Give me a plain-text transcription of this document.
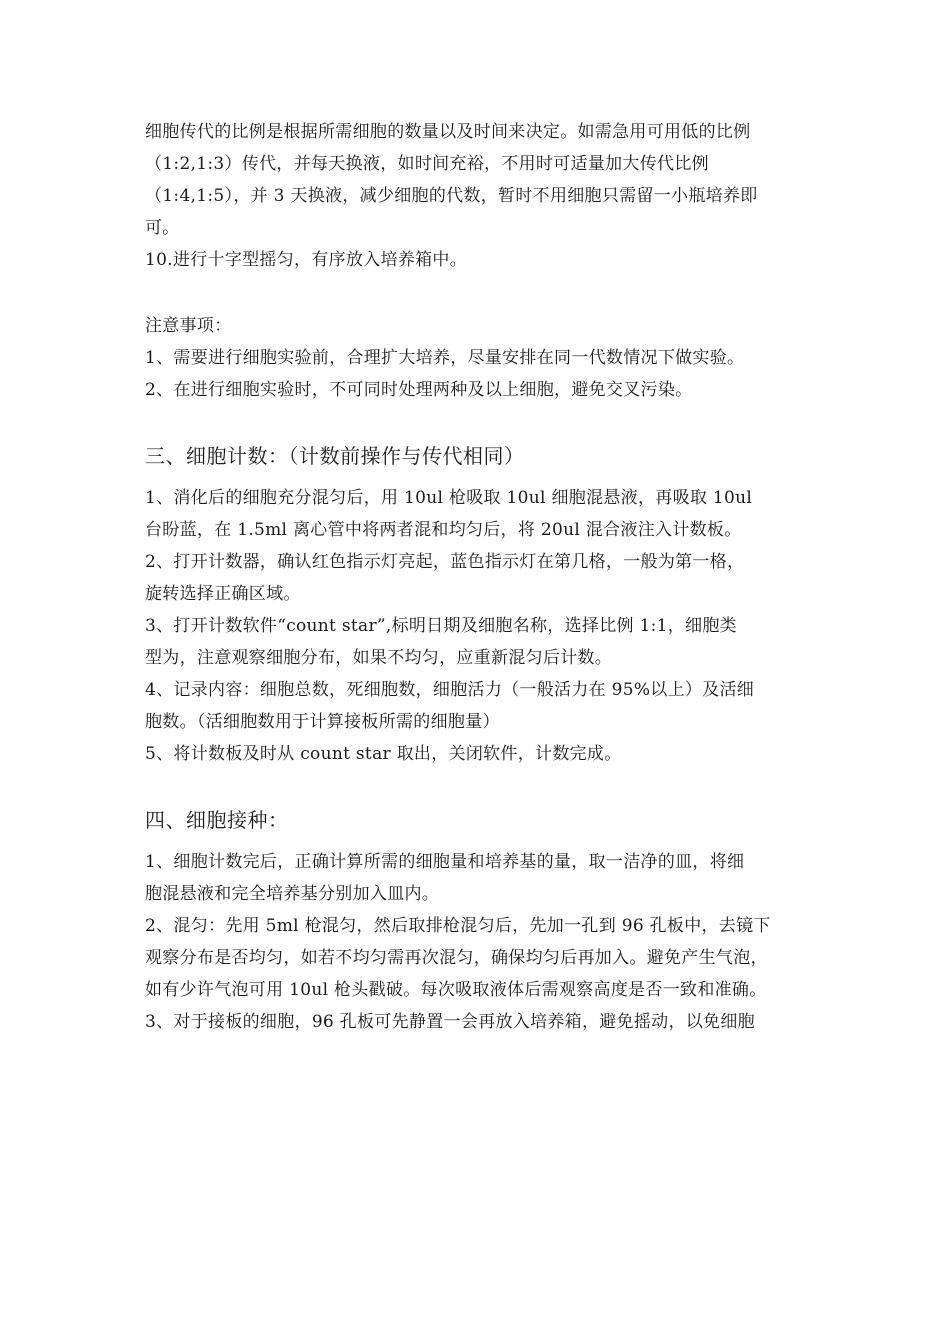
细胞传代的比例是根据所需细胞的数量以及时间来决定。如需急用可用低的比例
（1:2,1:3）传代，并每天换液，如时间充裕，不用时可适量加大传代比例
（1:4,1:5），并 3 天换液，减少细胞的代数，暂时不用细胞只需留一小瓶培养即
可。
10.进行十字型摇匀，有序放入培养箱中。
注意事项：
1、需要进行细胞实验前，合理扩大培养，尽量安排在同一代数情况下做实验。
2、在进行细胞实验时，不可同时处理两种及以上细胞，避免交叉污染。
三、细胞计数：（计数前操作与传代相同）
1、消化后的细胞充分混匀后，用 10ul 枪吸取 10ul 细胞混悬液，再吸取 10ul
台盼蓝，在 1.5ml 离心管中将两者混和均匀后，将 20ul 混合液注入计数板。
2、打开计数器，确认红色指示灯亮起，蓝色指示灯在第几格，一般为第一格，
旋转选择正确区域。
3、打开计数软件“count star”,标明日期及细胞名称，选择比例 1:1，细胞类
型为，注意观察细胞分布，如果不均匀，应重新混匀后计数。
4、记录内容：细胞总数，死细胞数，细胞活力（一般活力在 95%以上）及活细
胞数。（活细胞数用于计算接板所需的细胞量）
5、将计数板及时从 count star 取出，关闭软件，计数完成。
四、细胞接种：
1、细胞计数完后，正确计算所需的细胞量和培养基的量，取一洁净的皿，将细
胞混悬液和完全培养基分别加入皿内。
2、混匀：先用 5ml 枪混匀，然后取排枪混匀后，先加一孔到 96 孔板中，去镜下
观察分布是否均匀，如若不均匀需再次混匀，确保均匀后再加入。避免产生气泡，
如有少许气泡可用 10ul 枪头戳破。每次吸取液体后需观察高度是否一致和准确。
3、对于接板的细胞，96 孔板可先静置一会再放入培养箱，避免摇动，以免细胞
